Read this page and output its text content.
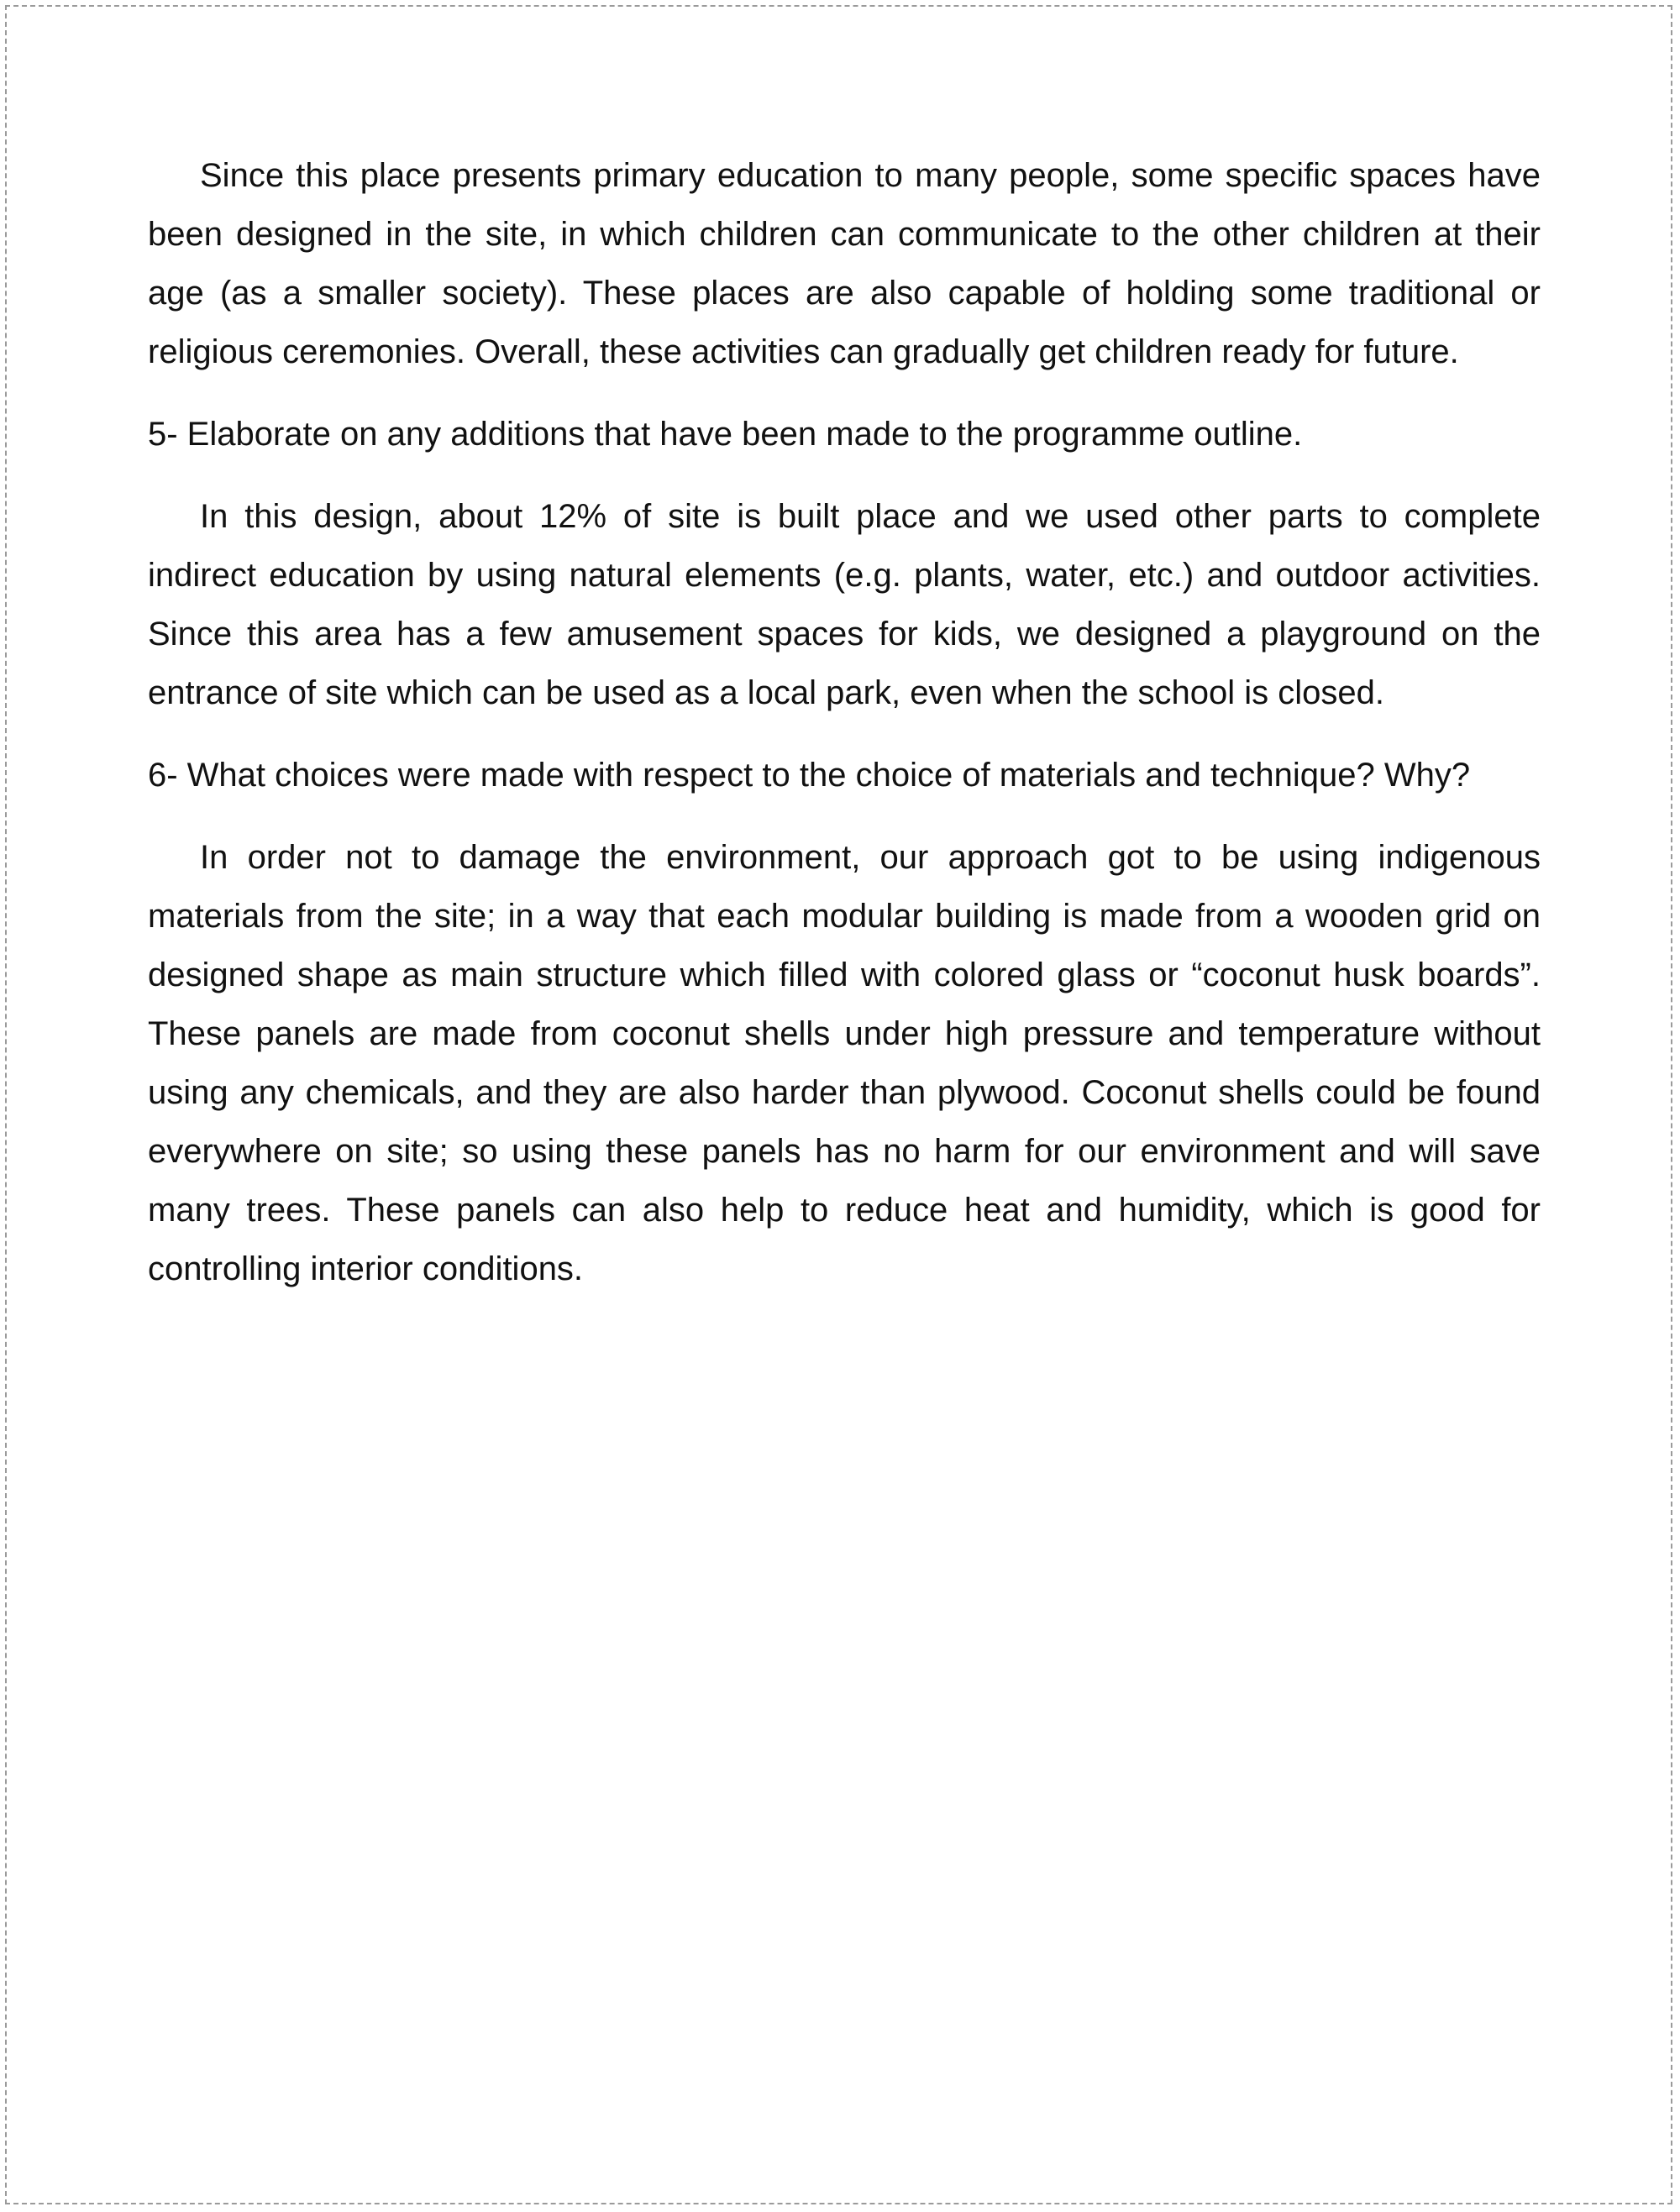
Since this place presents primary education to many people, some specific spaces have been designed in the site, in which children can communicate to the other children at their age (as a smaller society). These places are also capable of holding some traditional or religious ceremonies. Overall, these activities can gradually get children ready for future.

5- Elaborate on any additions that have been made to the programme outline.

In this design, about 12% of site is built place and we used other parts to complete indirect education by using natural elements (e.g. plants, water, etc.) and outdoor activities. Since this area has a few amusement spaces for kids, we designed a playground on the entrance of site which can be used as a local park, even when the school is closed.

6- What choices were made with respect to the choice of materials and technique? Why?

In order not to damage the environment, our approach got to be using indigenous materials from the site; in a way that each modular building is made from a wooden grid on designed shape as main structure which filled with colored glass or “coconut husk boards”. These panels are made from coconut shells under high pressure and temperature without using any chemicals, and they are also harder than plywood. Coconut shells could be found everywhere on site; so using these panels has no harm for our environment and will save many trees. These panels can also help to reduce heat and humidity, which is good for controlling interior conditions.
